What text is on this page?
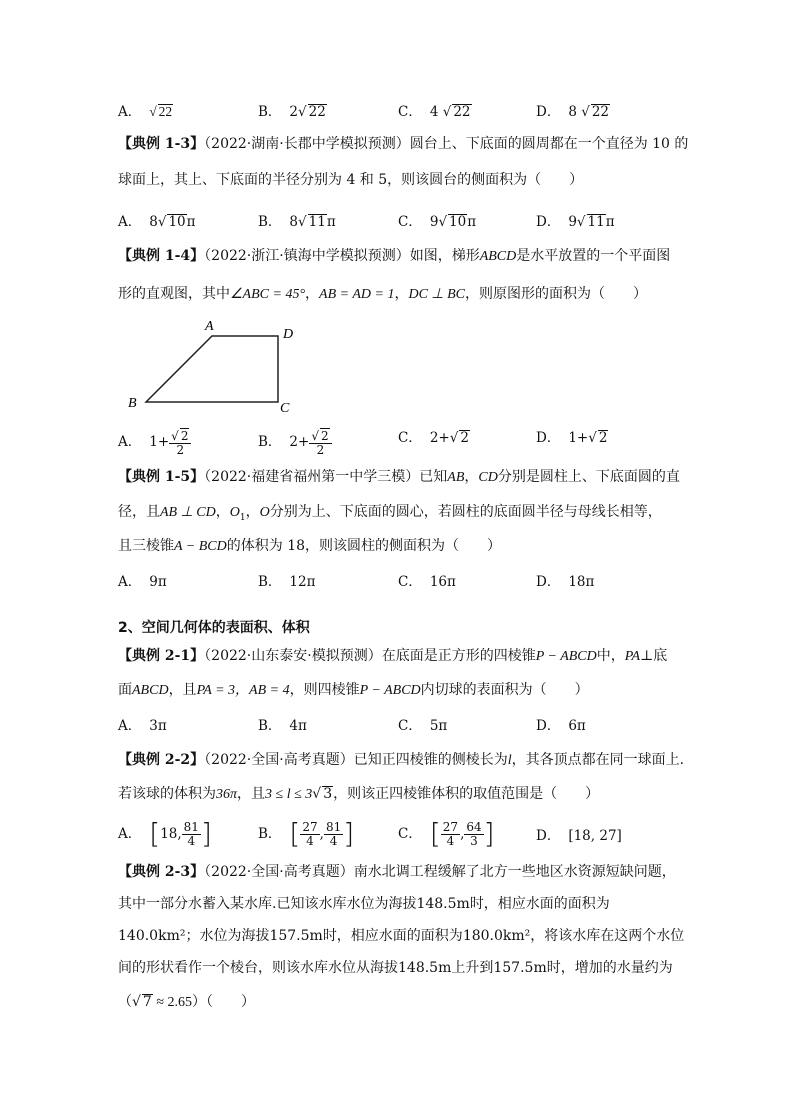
A． √ 22	B． 2√ 22	C． 4 √ 22	D． 8 √ 22
【典例 1-3】（2022·湖南·长郡中学模拟预测）圆台上、下底面的圆周都在一个直径为 10 的
球面上，其上、下底面的半径分别为 4 和 5，则该圆台的侧面积为（　　）
A． 8√ 10π	B． 8√ 11π	C． 9√ 10π	D． 9√ 11π
【典例 1-4】（2022·浙江·镇海中学模拟预测）如图，梯形ABCD是水平放置的一个平面图
形的直观图，其中∠ABC = 45°，AB = AD = 1，DC ⊥ BC，则原图形的面积为（　　）
A
D
B	C
A． $1+ \frac{√ 2}{2}$	B． $2+ \frac{√ 2}{2}$	C． 2+√ 2	D． 1+√ 2
【典例 1-5】（2022·福建省福州第一中学三模）已知AB，CD分别是圆柱上、下底面圆的直
径，且AB ⊥ CD，$O_1$，O分别为上、下底面的圆心，若圆柱的底面圆半径与母线长相等，
且三棱锥A − BCD的体积为 18，则该圆柱的侧面积为（　　）
A． 9π	B． 12π	C． 16π	D． 18π
2、空间几何体的表面积、体积
【典例 2-1】（2022·山东泰安·模拟预测）在底面是正方形的四棱锥P − ABCD中，PA⊥底
面ABCD，且PA = 3，AB = 4，则四棱锥P − ABCD内切球的表面积为（　　）
A． 3π	B． 4π	C． 5π	D． 6π
【典例 2-2】（2022·全国·高考真题）已知正四棱锥的侧棱长为l，其各顶点都在同一球面上.
若该球的体积为36π，且3 ≤ l ≤ 3√ 3，则该正四棱锥体积的取值范围是（　　）
A． [ 18 , $\frac{81}{4}$ ]	B． [ $\frac{27}{4}$ , $\frac{81}{4}$ ]	C． [ $\frac{27}{4}$ , $\frac{64}{3}$ ]	D． [18, 27]
【典例 2-3】（2022·全国·高考真题）南水北调工程缓解了北方一些地区水资源短缺问题，
其中一部分水蓄入某水库.已知该水库水位为海拔148.5m时，相应水面的面积为
140.0km²；水位为海拔157.5m时，相应水面的面积为180.0km²，将该水库在这两个水位
间的形状看作一个棱台，则该水库水位从海拔148.5m上升到157.5m时，增加的水量约为
（√ 7 ≈ 2.65）（　　）
